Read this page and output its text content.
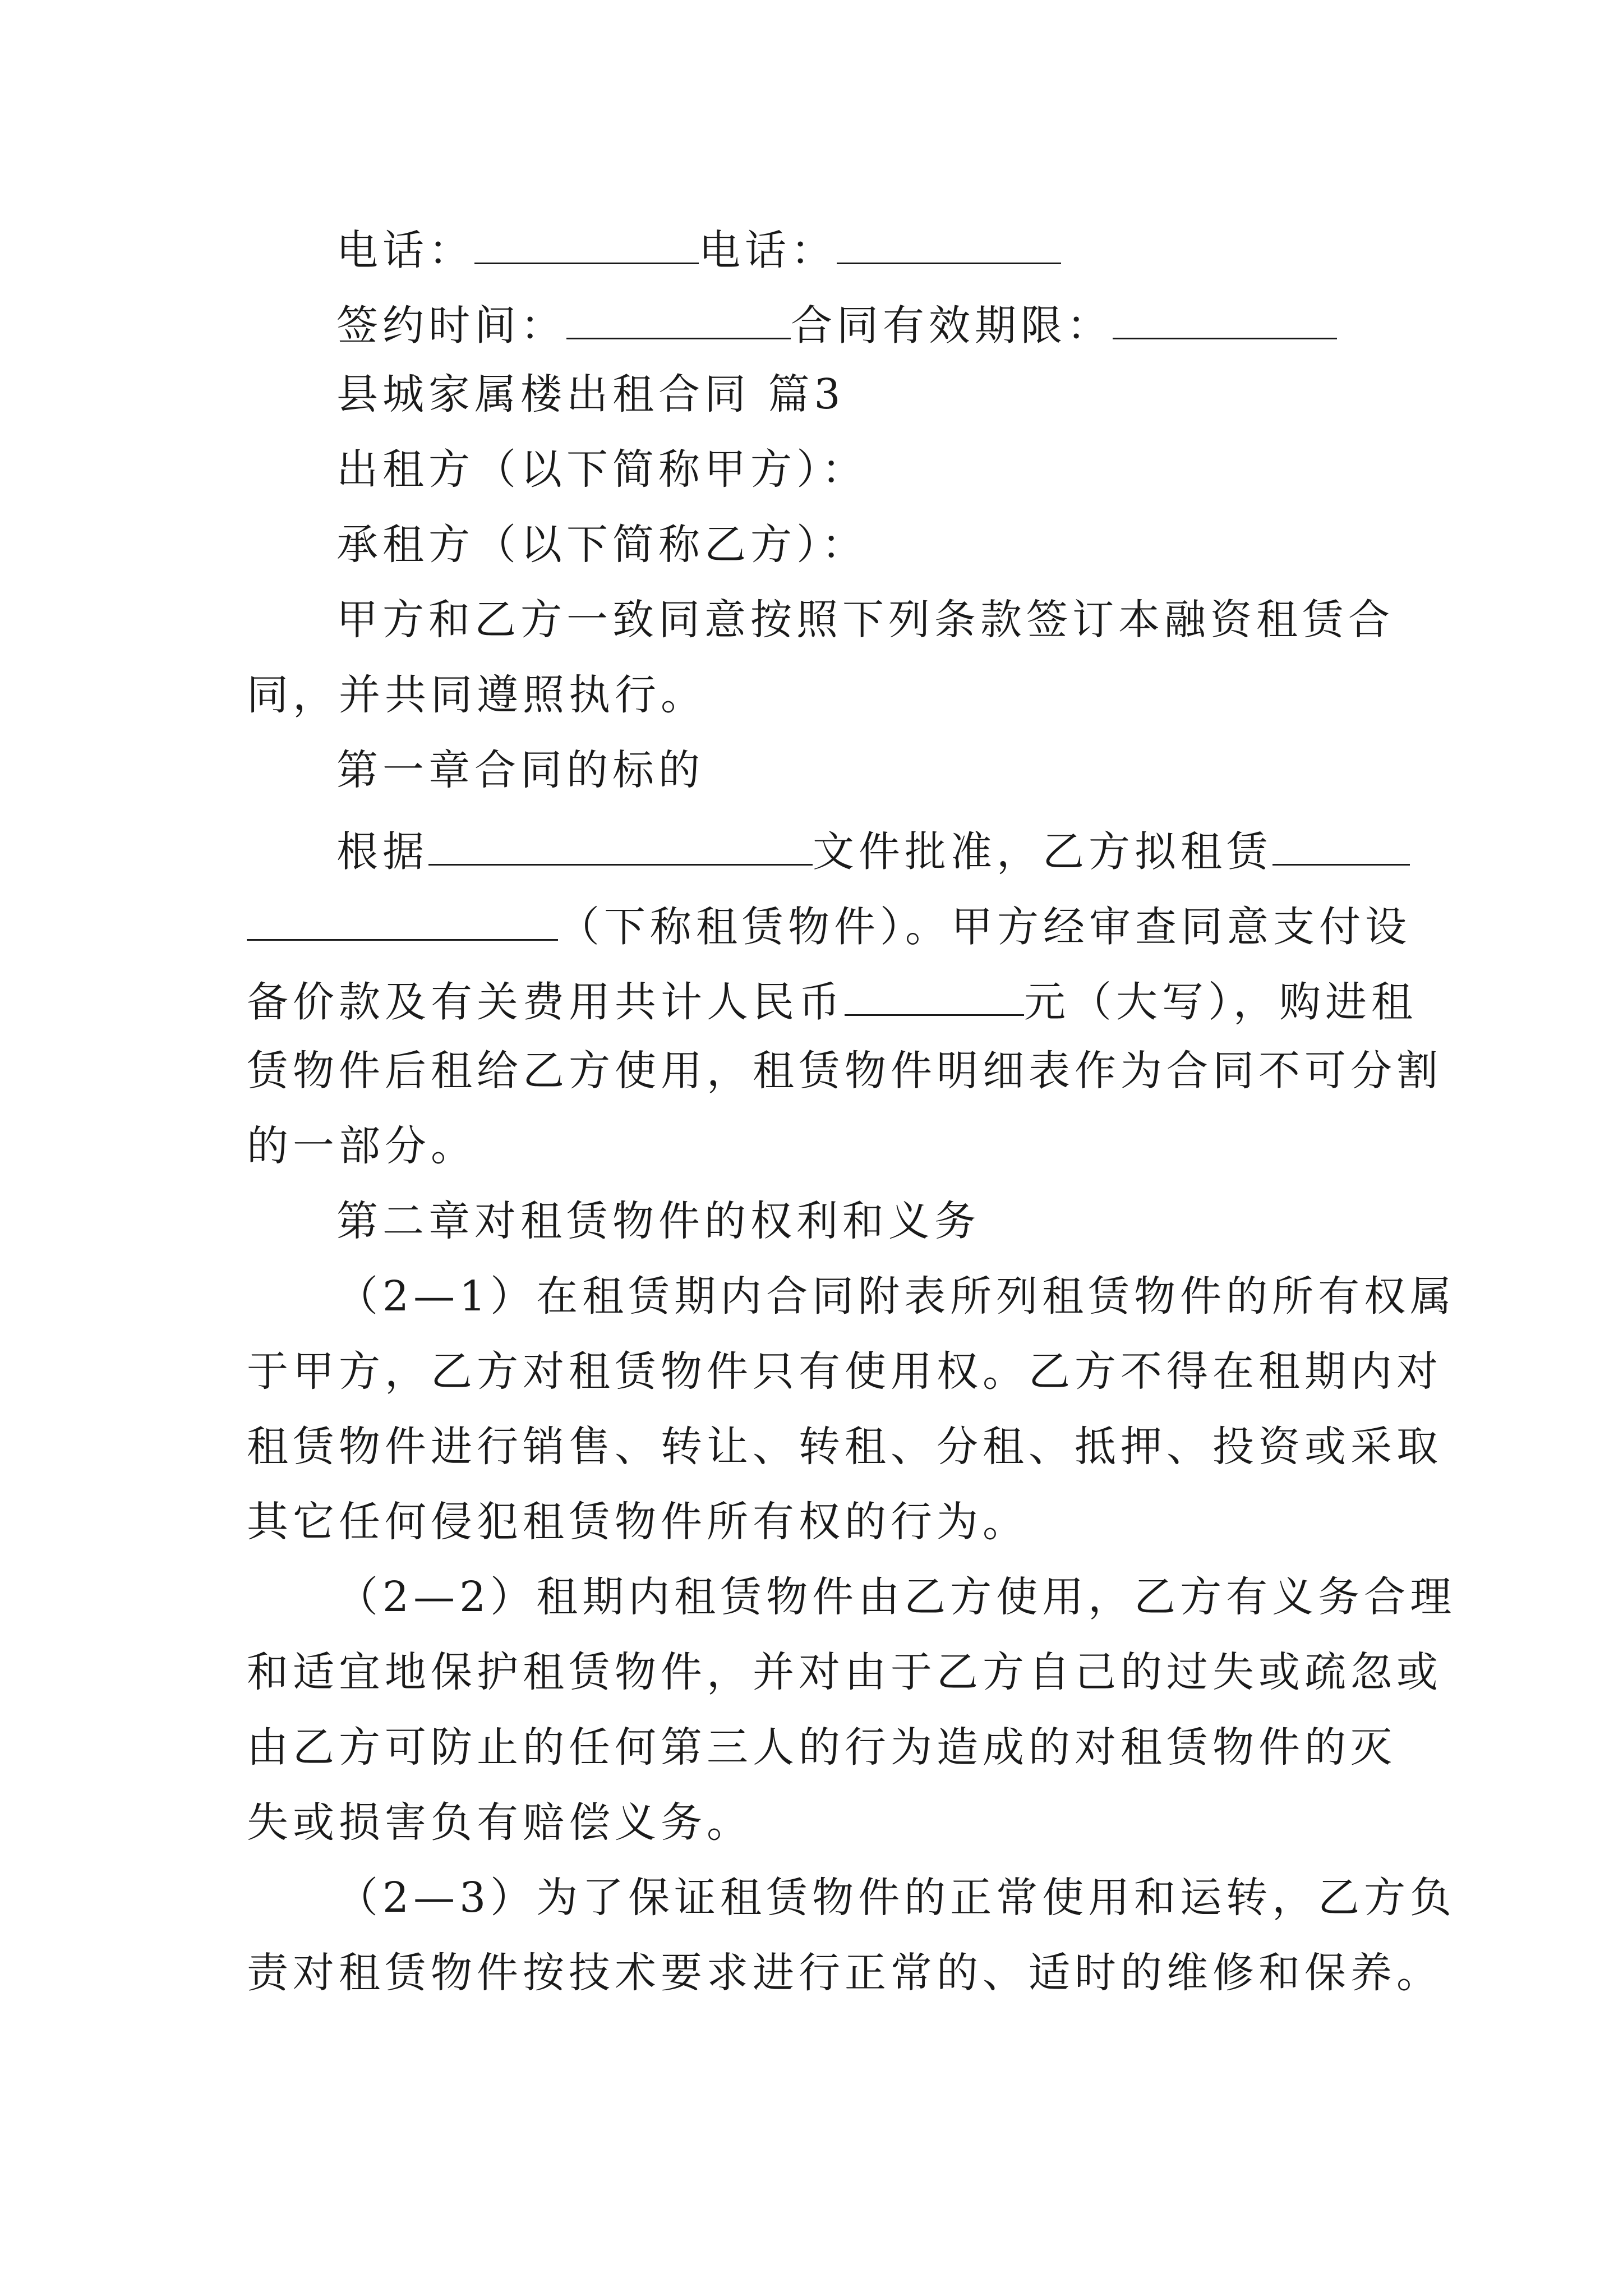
电话：	电话：
签约时间：	合同有效期限：
县城家属楼出租合同 篇3
出租方（以下简称甲方）：
承租方（以下简称乙方）：
甲方和乙方一致同意按照下列条款签订本融资租赁合
同，并共同遵照执行。
第一章合同的标的
根据	文件批准，乙方拟租赁
（下称租赁物件）。甲方经审查同意支付设
备价款及有关费用共计人民币	元（大写），购进租
赁物件后租给乙方使用，租赁物件明细表作为合同不可分割
的一部分。
第二章对租赁物件的权利和义务
（2—1）在租赁期内合同附表所列租赁物件的所有权属
于甲方，乙方对租赁物件只有使用权。乙方不得在租期内对
租赁物件进行销售、转让、转租、分租、抵押、投资或采取
其它任何侵犯租赁物件所有权的行为。
（2—2）租期内租赁物件由乙方使用，乙方有义务合理
和适宜地保护租赁物件，并对由于乙方自己的过失或疏忽或
由乙方可防止的任何第三人的行为造成的对租赁物件的灭
失或损害负有赔偿义务。
（2—3）为了保证租赁物件的正常使用和运转，乙方负
责对租赁物件按技术要求进行正常的、适时的维修和保养。
